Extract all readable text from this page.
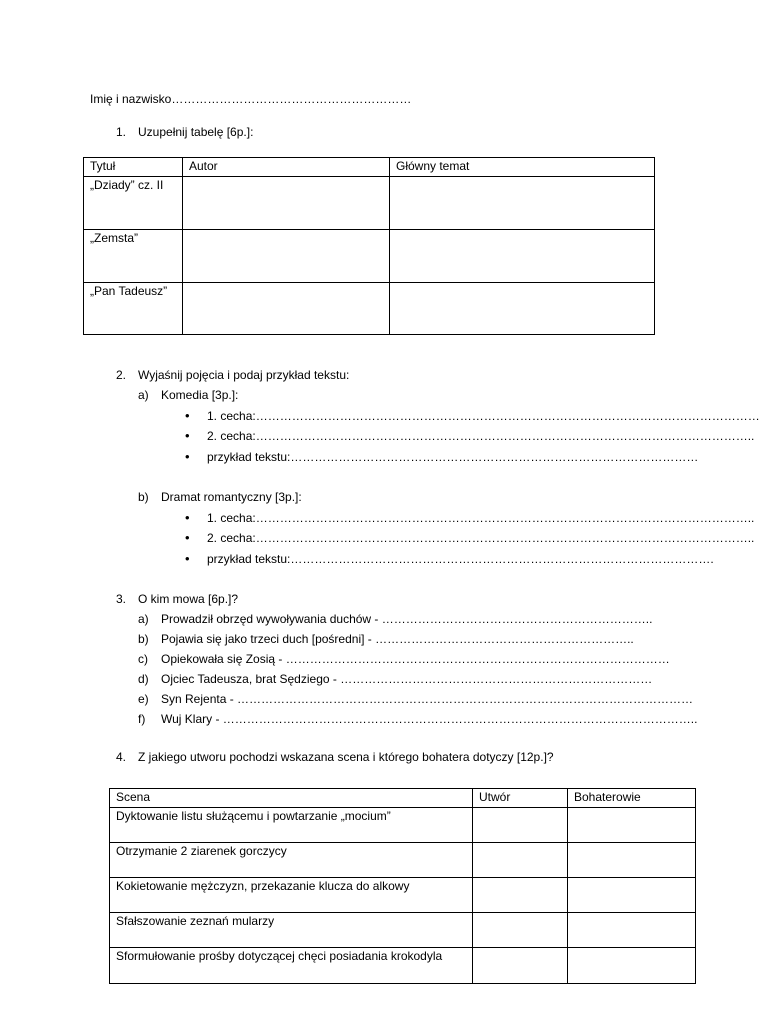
Imię i nazwisko……………………………………………………
1. Uzupełnij tabelę [6p.]:
Tytuł	Autor	Główny temat
„Dziady” cz. II		
„Zemsta”		
„Pan Tadeusz”		
2. Wyjaśnij pojęcia i podaj przykład tekstu:
a) Komedia [3p.]:
• 1. cecha:………………………………………………………………………………………………………………
• 2. cecha:……………………………………………………………………………………………………………..
• przykład tekstu:…………………………………………………………………………………………
b) Dramat romantyczny [3p.]:
• 1. cecha:……………………………………………………………………………………………………………..
• 2. cecha:……………………………………………………………………………………………………………..
• przykład tekstu:…………………………………………………………………………………………….
3. O kim mowa [6p.]?
a) Prowadził obrzęd wywoływania duchów - …………………………………………………………..
b) Pojawia się jako trzeci duch [pośredni] - ………………………………………………………..
c) Opiekowała się Zosią - ……………………………………………………………………………………
d) Ojciec Tadeusza, brat Sędziego - ……………………………………………………………………
e) Syn Rejenta - ……………………………………………………………………………………………………
f) Wuj Klary - ………………………………………………………………………………………………………..
4. Z jakiego utworu pochodzi wskazana scena i którego bohatera dotyczy [12p.]?
Scena	Utwór	Bohaterowie
Dyktowanie listu służącemu i powtarzanie „mocium”		
Otrzymanie 2 ziarenek gorczycy		
Kokietowanie mężczyzn, przekazanie klucza do alkowy		
Sfałszowanie zeznań mularzy		
Sformułowanie prośby dotyczącej chęci posiadania krokodyla		
